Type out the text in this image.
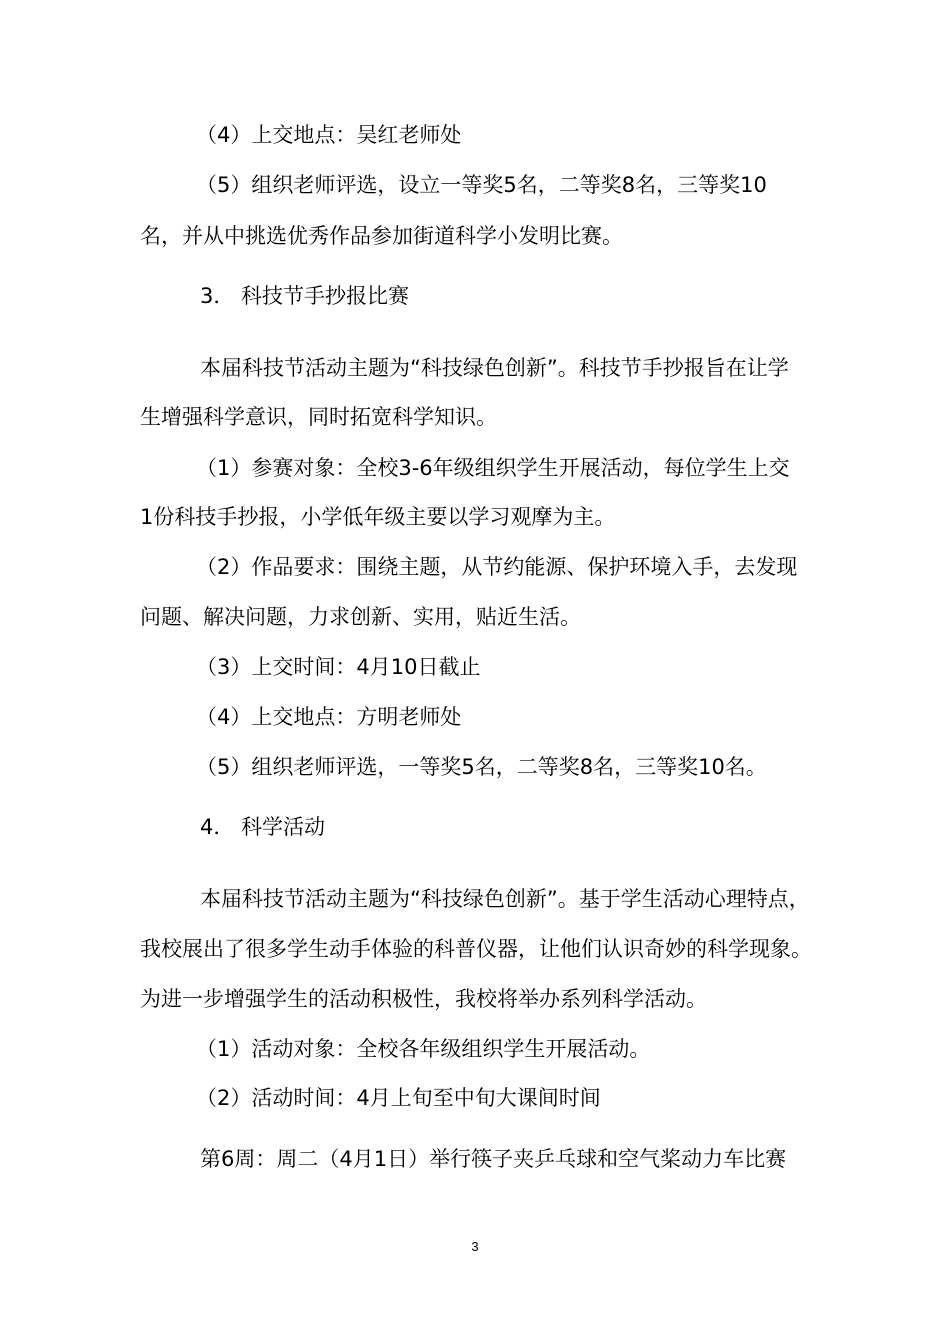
（4）上交地点：吴红老师处
（5）组织老师评选，设立一等奖5名，二等奖8名，三等奖10
名，并从中挑选优秀作品参加街道科学小发明比赛。
3． 科技节手抄报比赛
本届科技节活动主题为“科技绿色创新”。科技节手抄报旨在让学
生增强科学意识，同时拓宽科学知识。
（1）参赛对象：全校3-6年级组织学生开展活动，每位学生上交
1份科技手抄报，小学低年级主要以学习观摩为主。
（2）作品要求：围绕主题，从节约能源、保护环境入手，去发现
问题、解决问题，力求创新、实用，贴近生活。
（3）上交时间：4月10日截止
（4）上交地点：方明老师处
（5）组织老师评选，一等奖5名，二等奖8名，三等奖10名。
4． 科学活动
本届科技节活动主题为“科技绿色创新”。基于学生活动心理特点，
我校展出了很多学生动手体验的科普仪器，让他们认识奇妙的科学现象。
为进一步增强学生的活动积极性，我校将举办系列科学活动。
（1）活动对象：全校各年级组织学生开展活动。
（2）活动时间：4月上旬至中旬大课间时间
第6周：周二（4月1日）举行筷子夹乒乓球和空气桨动力车比赛
3
